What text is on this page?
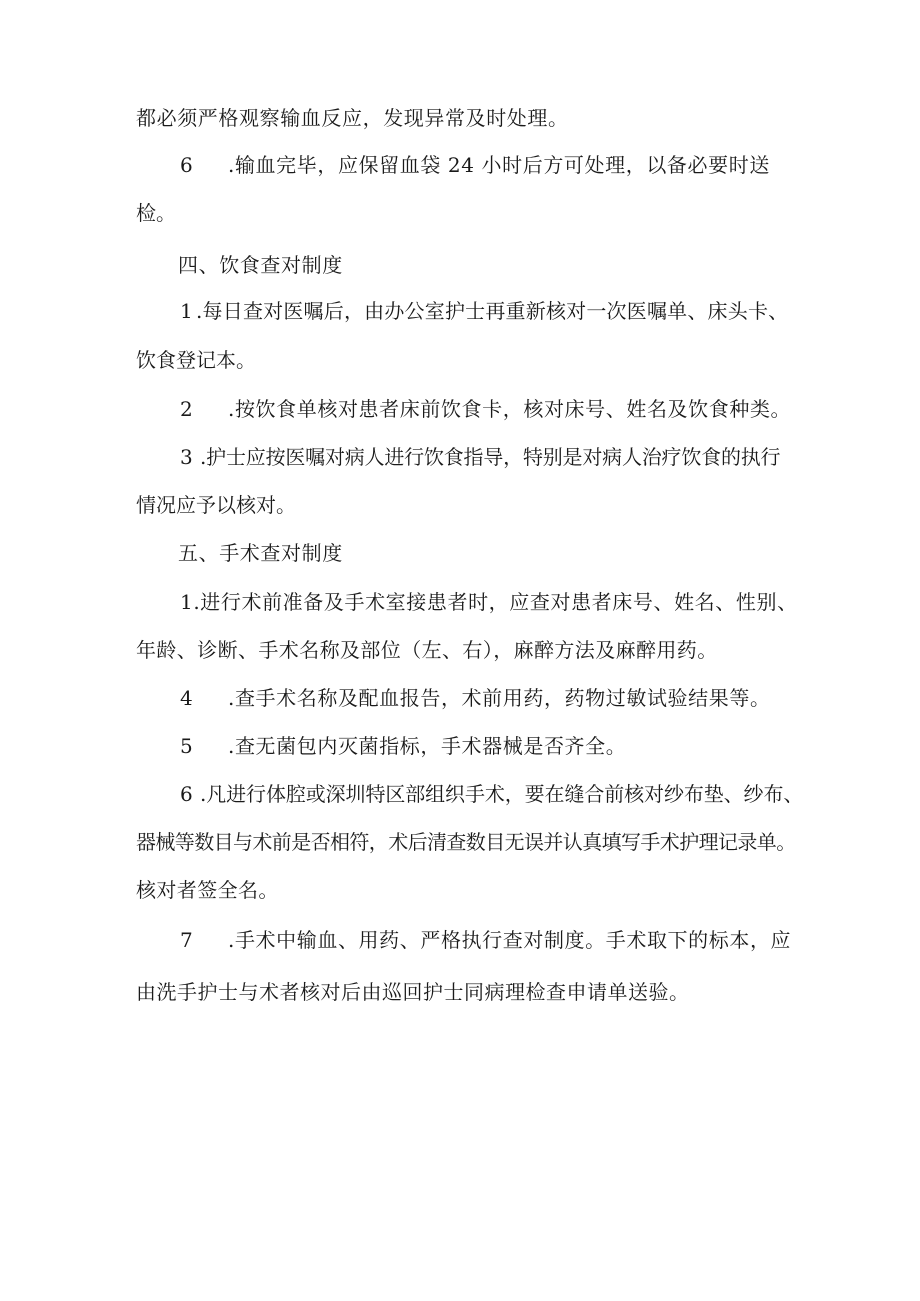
都必须严格观察输血反应，发现异常及时处理。
6 .输血完毕，应保留血袋 24 小时后方可处理，以备必要时送
检。
四、饮食查对制度
1 .每日查对医嘱后，由办公室护士再重新核对一次医嘱单、床头卡、
饮食登记本。
2 .按饮食单核对患者床前饮食卡，核对床号、姓名及饮食种类。
3 .护士应按医嘱对病人进行饮食指导，特别是对病人治疗饮食的执行
情况应予以核对。
五、手术查对制度
1.进行术前准备及手术室接患者时，应查对患者床号、姓名、性别、
年龄、诊断、手术名称及部位（左、右），麻醉方法及麻醉用药。
4 .查手术名称及配血报告，术前用药，药物过敏试验结果等。
5 .查无菌包内灭菌指标，手术器械是否齐全。
6 .凡进行体腔或深圳特区部组织手术，要在缝合前核对纱布垫、纱布、
器械等数目与术前是否相符，术后清查数目无误并认真填写手术护理记录单。
核对者签全名。
7 .手术中输血、用药、严格执行查对制度。手术取下的标本，应
由洗手护士与术者核对后由巡回护士同病理检查申请单送验。
